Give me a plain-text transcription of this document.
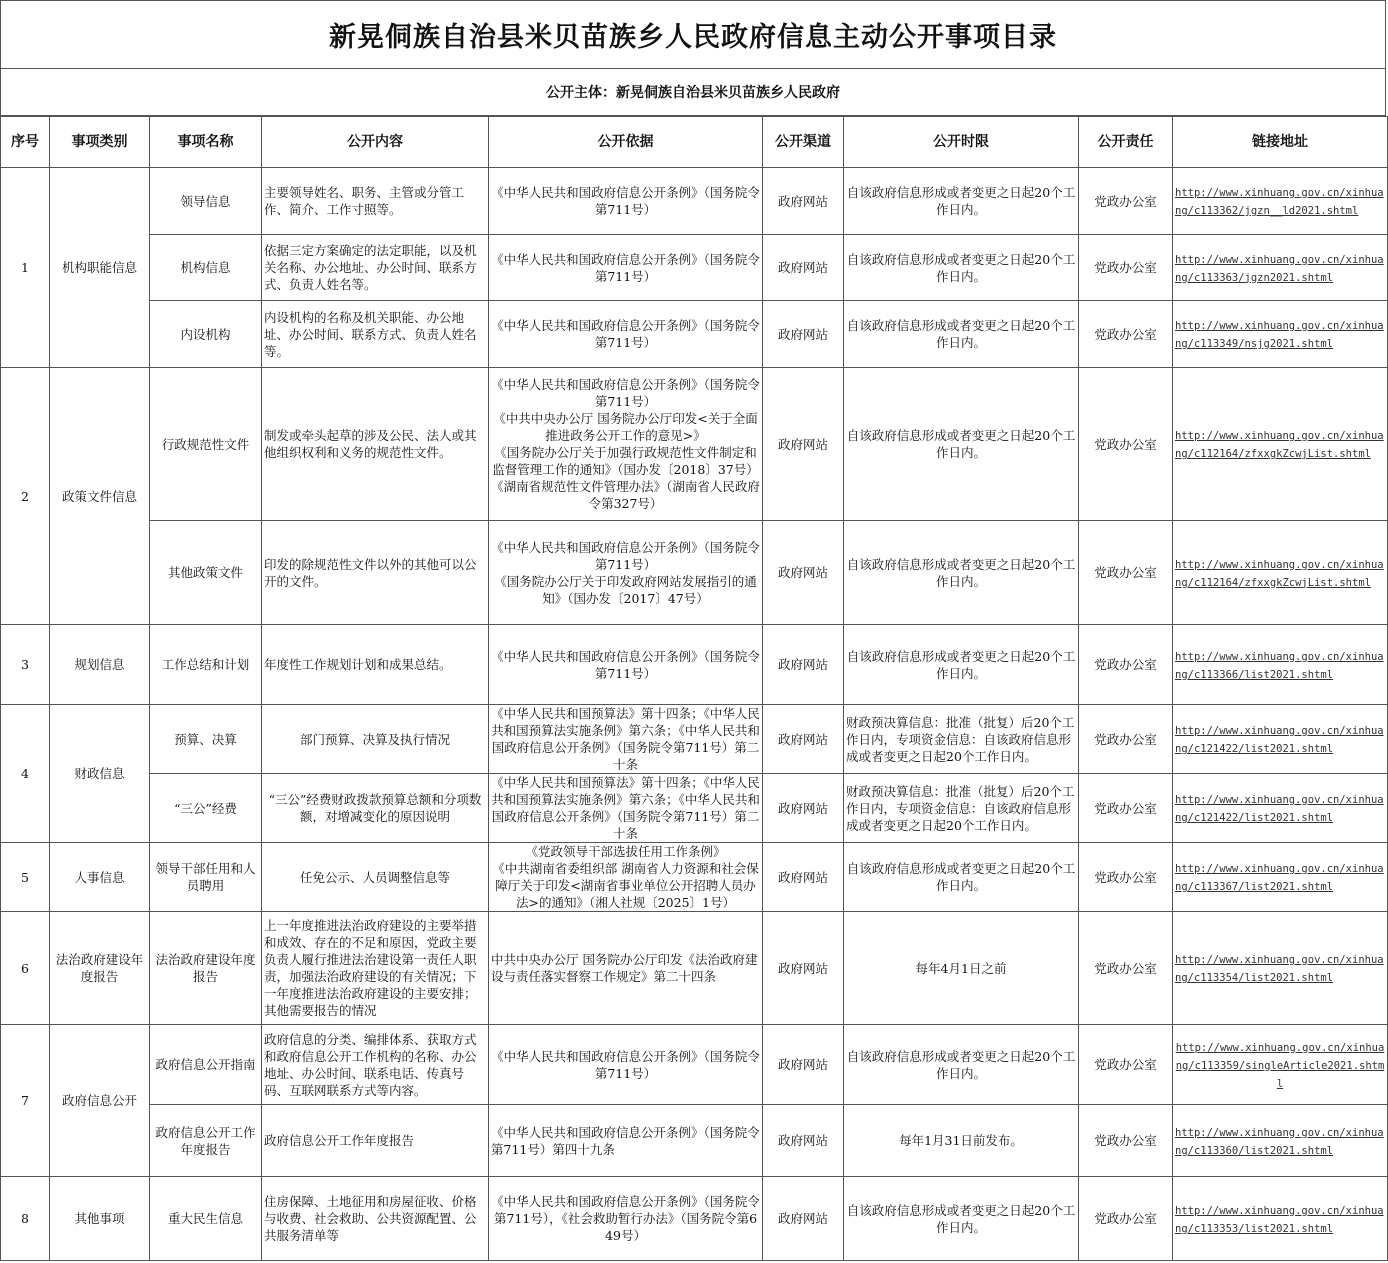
新晃侗族自治县米贝苗族乡人民政府信息主动公开事项目录
公开主体：新晃侗族自治县米贝苗族乡人民政府
序号	事项类别	事项名称	公开内容	公开依据	公开渠道	公开时限	公开责任	链接地址
1	机构职能信息	领导信息	主要领导姓名、职务、主管或分管工作、简介、工作寸照等。	《中华人民共和国政府信息公开条例》（国务院令第711号）	政府网站	自该政府信息形成或者变更之日起20个工作日内。	党政办公室	http://www.xinhuang.gov.cn/xinhuang/c113362/jgzn__ld2021.shtml
		机构信息	依据三定方案确定的法定职能，以及机关名称、办公地址、办公时间、联系方式、负责人姓名等。	《中华人民共和国政府信息公开条例》（国务院令第711号）	政府网站	自该政府信息形成或者变更之日起20个工作日内。	党政办公室	http://www.xinhuang.gov.cn/xinhuang/c113363/jgzn2021.shtml
		内设机构	内设机构的名称及机关职能、办公地址、办公时间、联系方式、负责人姓名等。	《中华人民共和国政府信息公开条例》（国务院令第711号）	政府网站	自该政府信息形成或者变更之日起20个工作日内。	党政办公室	http://www.xinhuang.gov.cn/xinhuang/c113349/nsjg2021.shtml
2	政策文件信息	行政规范性文件	制发或牵头起草的涉及公民、法人或其他组织权利和义务的规范性文件。	《中华人民共和国政府信息公开条例》（国务院令第711号）
《中共中央办公厅 国务院办公厅印发<关于全面推进政务公开工作的意见>》
《国务院办公厅关于加强行政规范性文件制定和监督管理工作的通知》（国办发〔2018〕37号）
《湖南省规范性文件管理办法》（湖南省人民政府令第327号）	政府网站	自该政府信息形成或者变更之日起20个工作日内。	党政办公室	http://www.xinhuang.gov.cn/xinhuang/c112164/zfxxgkZcwjList.shtml
		其他政策文件	印发的除规范性文件以外的其他可以公开的文件。	《中华人民共和国政府信息公开条例》（国务院令第711号）
《国务院办公厅关于印发政府网站发展指引的通知》（国办发〔2017〕47号）	政府网站	自该政府信息形成或者变更之日起20个工作日内。	党政办公室	http://www.xinhuang.gov.cn/xinhuang/c112164/zfxxgkZcwjList.shtml
3	规划信息	工作总结和计划	年度性工作规划计划和成果总结。	《中华人民共和国政府信息公开条例》（国务院令第711号）	政府网站	自该政府信息形成或者变更之日起20个工作日内。	党政办公室	http://www.xinhuang.gov.cn/xinhuang/c113366/list2021.shtml
4	财政信息	预算、决算	部门预算、决算及执行情况	《中华人民共和国预算法》第十四条；《中华人民共和国预算法实施条例》第六条；《中华人民共和国政府信息公开条例》（国务院令第711号）第二十条	政府网站	财政预决算信息：批准（批复）后20个工作日内，专项资金信息：自该政府信息形成或者变更之日起20个工作日内。	党政办公室	http://www.xinhuang.gov.cn/xinhuang/c121422/list2021.shtml
		“三公”经费	“三公”经费财政拨款预算总额和分项数额，对增减变化的原因说明	《中华人民共和国预算法》第十四条；《中华人民共和国预算法实施条例》第六条；《中华人民共和国政府信息公开条例》（国务院令第711号）第二十条	政府网站	财政预决算信息：批准（批复）后20个工作日内，专项资金信息：自该政府信息形成或者变更之日起20个工作日内。	党政办公室	http://www.xinhuang.gov.cn/xinhuang/c121422/list2021.shtml
5	人事信息	领导干部任用和人员聘用	任免公示、人员调整信息等	《党政领导干部选拔任用工作条例》
《中共湖南省委组织部 湖南省人力资源和社会保障厅关于印发<湖南省事业单位公开招聘人员办法>的通知》（湘人社规〔2025〕1号）	政府网站	自该政府信息形成或者变更之日起20个工作日内。	党政办公室	http://www.xinhuang.gov.cn/xinhuang/c113367/list2021.shtml
6	法治政府建设年度报告	法治政府建设年度报告	上一年度推进法治政府建设的主要举措和成效、存在的不足和原因，党政主要负责人履行推进法治建设第一责任人职责，加强法治政府建设的有关情况；下一年度推进法治政府建设的主要安排；其他需要报告的情况	中共中央办公厅 国务院办公厅印发《法治政府建设与责任落实督察工作规定》第二十四条	政府网站	每年4月1日之前	党政办公室	http://www.xinhuang.gov.cn/xinhuang/c113354/list2021.shtml
7	政府信息公开	政府信息公开指南	政府信息的分类、编排体系、获取方式和政府信息公开工作机构的名称、办公地址、办公时间、联系电话、传真号码、互联网联系方式等内容。	《中华人民共和国政府信息公开条例》（国务院令第711号）	政府网站	自该政府信息形成或者变更之日起20个工作日内。	党政办公室	http://www.xinhuang.gov.cn/xinhuang/c113359/singleArticle2021.shtml
		政府信息公开工作年度报告	政府信息公开工作年度报告	《中华人民共和国政府信息公开条例》（国务院令第711号）第四十九条	政府网站	每年1月31日前发布。	党政办公室	http://www.xinhuang.gov.cn/xinhuang/c113360/list2021.shtml
8	其他事项	重大民生信息	住房保障、土地征用和房屋征收、价格与收费、社会救助、公共资源配置、公共服务清单等	《中华人民共和国政府信息公开条例》（国务院令第711号），《社会救助暂行办法》（国务院令第649号）	政府网站	自该政府信息形成或者变更之日起20个工作日内。	党政办公室	http://www.xinhuang.gov.cn/xinhuang/c113353/list2021.shtml
